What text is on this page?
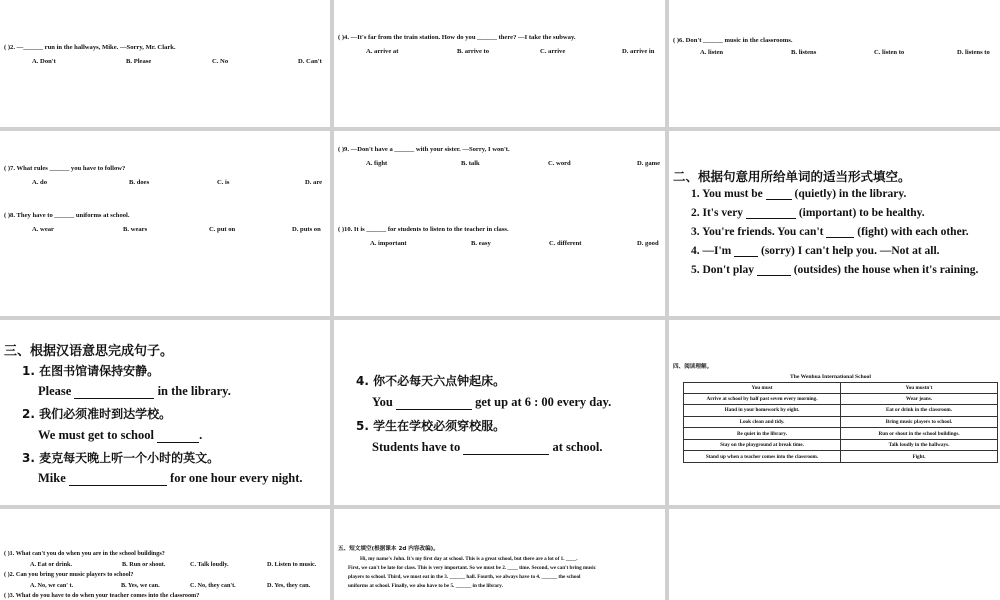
( )2. —______ run in the hallways, Mike. —Sorry, Mr. Clark.
A. Don't	B. Please	C. No	D. Can't
( )4. —It's far from the train station. How do you ______ there? —I take the subway.
A. arrive at	B. arrive to	C. arrive	D. arrive in
( )6. Don't ______ music in the classrooms.
A. listen	B. listens	C. listen to	D. listens to
( )7. What rules ______ you have to follow?
A. do	B. does	C. is	D. are
( )8. They have to ______ uniforms at school.
A. wear	B. wears	C. put on	D. puts on
( )9. —Don't have a ______ with your sister. —Sorry, I won't.
A. fight	B. talk	C. word	D. game
( )10. It is ______ for students to listen to the teacher in class.
A. important	B. easy	C. different	D. good
二、根据句意用所给单词的适当形式填空。
1. You must be	(quietly) in the library.
2. It's very	(important) to be healthy.
3. You're friends. You can't	(fight) with each other.
4. —I'm	(sorry) I can't help you. —Not at all.
5. Don't play	(outsides) the house when it's raining.
三、根据汉语意思完成句子。
1. 在图书馆请保持安静。
Please	in the library.
2. 我们必须准时到达学校。
We must get to school	.
3. 麦克每天晚上听一个小时的英文。
Mike	for one hour every night.
4. 你不必每天六点钟起床。
You	get up at 6 : 00 every day.
5. 学生在学校必须穿校服。
Students have to	at school.
四、阅读理解。
The Wenhua International School
You must	You mustn't
Arrive at school by half past seven every morning.	Wear jeans.
Hand in your homework by eight.	Eat or drink in the classroom.
Look clean and tidy.	Bring music players to school.
Be quiet in the library.	Run or shout in the school buildings.
Stay on the playground at break time.	Talk loudly in the hallways.
Stand up when a teacher comes into the classroom.	Fight.
( )1. What can't you do when you are in the school buildings?
A. Eat or drink.	B. Run or shout.	C. Talk loudly.	D. Listen to music.
( )2. Can you bring your music players to school?
A. No, we can' t.	B. Yes, we can.	C. No, they can't.	D. Yes, they can.
( )3. What do you have to do when your teacher comes into the classroom?
五、短文填空(根据课本 2d 内容改编)。
Hi, my name's John. It's my first day at school. This is a great school, but there are a lot of 1. ____.
First, we can't be late for class. This is very important. So we must be 2. ____ time. Second, we can't bring music
players to school. Third, we must eat in the 3. ______ hall. Fourth, we always have to 4. ______ the school
uniforms at school. Finally, we also have to be 5. ______ in the library.
